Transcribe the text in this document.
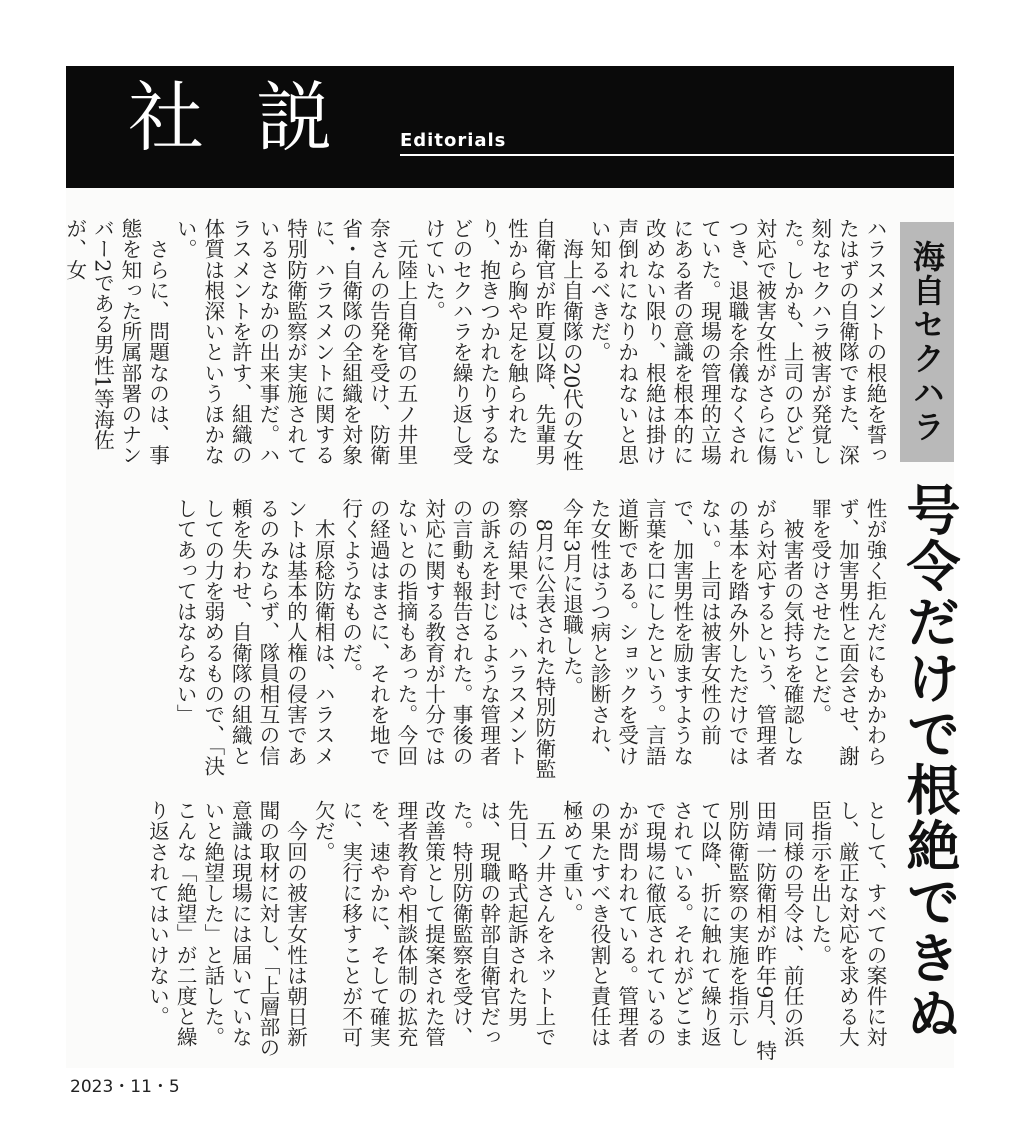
社 説	Editorials
海自セクハラ
号令だけで根絶できぬ
ハラスメントの根絶を誓ったはずの自衛隊でまた、深刻なセクハラ被害が発覚した。しかも、上司のひどい対応で被害女性がさらに傷つき、退職を余儀なくされていた。現場の管理的立場にある者の意識を根本的に改めない限り、根絶は掛け声倒れになりかねないと思い知るべきだ。
　海上自衛隊の20代の女性自衛官が昨夏以降、先輩男性から胸や足を触られたり、抱きつかれたりするなどのセクハラを繰り返し受けていた。
　元陸上自衛官の五ノ井里奈さんの告発を受け、防衛省・自衛隊の全組織を対象に、ハラスメントに関する特別防衛監察が実施されているさなかの出来事だ。ハラスメントを許す、組織の体質は根深いというほかない。
　さらに、問題なのは、事態を知った所属部署のナンバー2である男性1等海佐が、女
性が強く拒んだにもかかわらず、加害男性と面会させ、謝罪を受けさせたことだ。
　被害者の気持ちを確認しながら対応するという、管理者の基本を踏み外しただけではない。上司は被害女性の前で、加害男性を励ますような言葉を口にしたという。言語道断である。ショックを受けた女性はうつ病と診断され、今年3月に退職した。
　8月に公表された特別防衛監察の結果では、ハラスメントの訴えを封じるような管理者の言動も報告された。事後の対応に関する教育が十分ではないとの指摘もあった。今回の経過はまさに、それを地で行くようなものだ。
　木原稔防衛相は、ハラスメントは基本的人権の侵害であるのみならず、隊員相互の信頼を失わせ、自衛隊の組織としての力を弱めるもので、「決してあってはならない」
として、すべての案件に対し、厳正な対応を求める大臣指示を出した。
　同様の号令は、前任の浜田靖一防衛相が昨年9月、特別防衛監察の実施を指示して以降、折に触れて繰り返されている。それがどこまで現場に徹底されているのかが問われている。管理者の果たすべき役割と責任は極めて重い。
　五ノ井さんをネット上で先日、略式起訴された男は、現職の幹部自衛官だった。特別防衛監察を受け、改善策として提案された管理者教育や相談体制の拡充を、速やかに、そして確実に、実行に移すことが不可欠だ。
　今回の被害女性は朝日新聞の取材に対し、「上層部の意識は現場には届いていないと絶望した」と話した。こんな「絶望」が二度と繰り返されてはいけない。
2023・11・5
